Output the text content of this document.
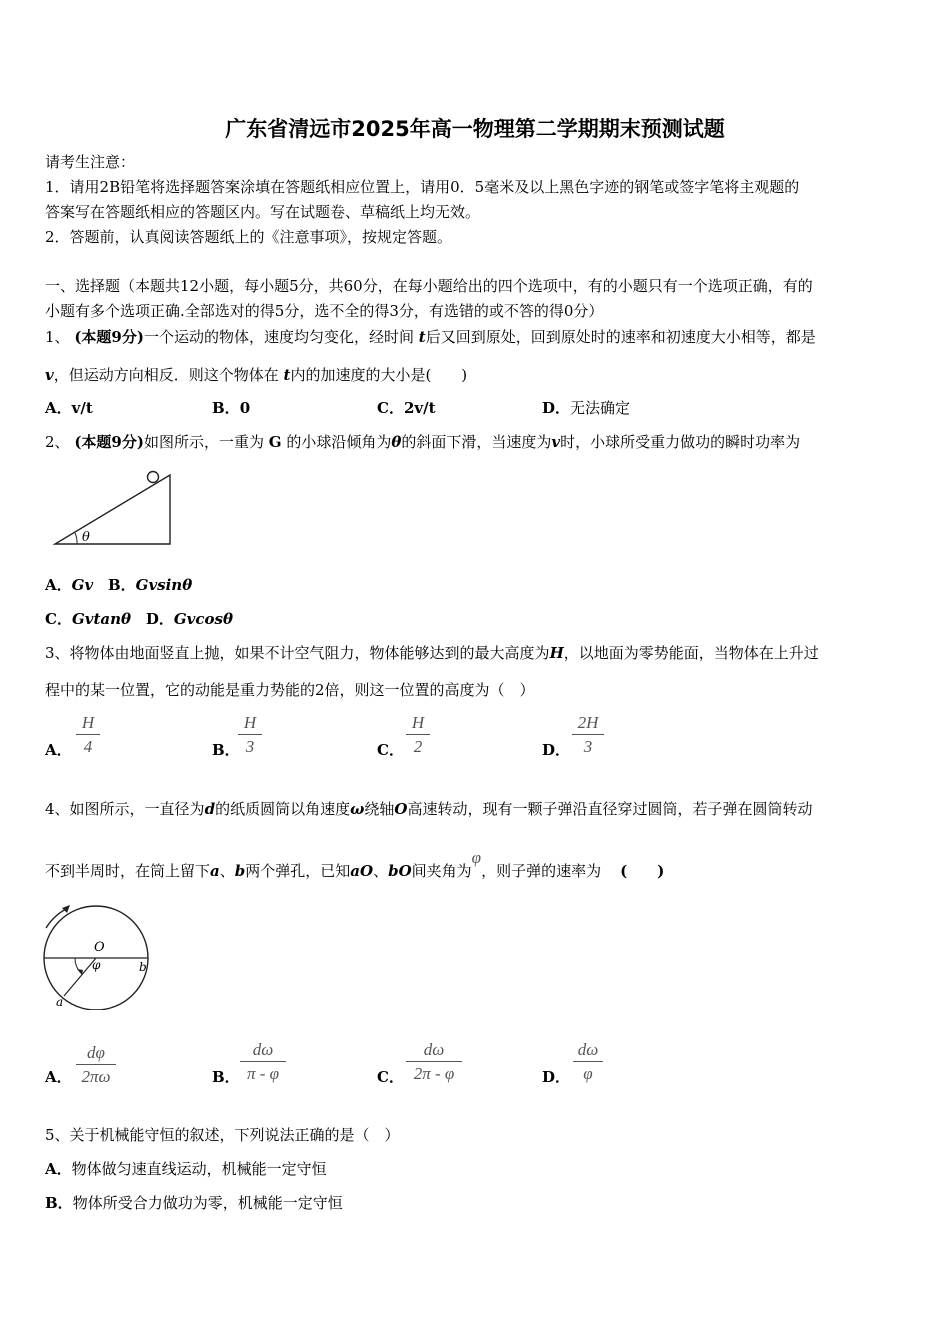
广东省清远市2025年高一物理第二学期期末预测试题
请考生注意：
1．请用2B铅笔将选择题答案涂填在答题纸相应位置上，请用0．5毫米及以上黑色字迹的钢笔或签字笔将主观题的
答案写在答题纸相应的答题区内。写在试题卷、草稿纸上均无效。
2．答题前，认真阅读答题纸上的《注意事项》，按规定答题。
一、选择题（本题共12小题，每小题5分，共60分，在每小题给出的四个选项中，有的小题只有一个选项正确，有的
小题有多个选项正确.全部选对的得5分，选不全的得3分，有选错的或不答的得0分）
1、 (本题9分)一个运动的物体，速度均匀变化，经时间 t后又回到原处，回到原处时的速率和初速度大小相等，都是
v，但运动方向相反．则这个物体在 t内的加速度的大小是(　　)
A．v/t	B．0	C．2v/t	D．无法确定
2、 (本题9分)如图所示，一重为 G 的小球沿倾角为θ的斜面下滑，当速度为v时，小球所受重力做功的瞬时功率为
θ
A．Gv B．Gvsinθ
C．Gvtanθ D．Gvcosθ
3、将物体由地面竖直上抛，如果不计空气阻力，物体能够达到的最大高度为H，以地面为零势能面，当物体在上升过
程中的某一位置，它的动能是重力势能的2倍，则这一位置的高度为（　）
A．
H
4	B．
H
3	C．
H
2	D．
2H
3
4、如图所示，一直径为d的纸质圆筒以角速度ω绕轴O高速转动，现有一颗子弹沿直径穿过圆筒，若子弹在圆筒转动
不到半周时，在筒上留下a、b两个弹孔，已知aO、bO间夹角为φ，则子弹的速率为　(　　)
O
φ	b
a
A．
dφ
2πω	B．
dω
π - φ	C．
dω
2π - φ	D．
dω
φ
5、关于机械能守恒的叙述，下列说法正确的是（　）
A．物体做匀速直线运动，机械能一定守恒
B．物体所受合力做功为零，机械能一定守恒
